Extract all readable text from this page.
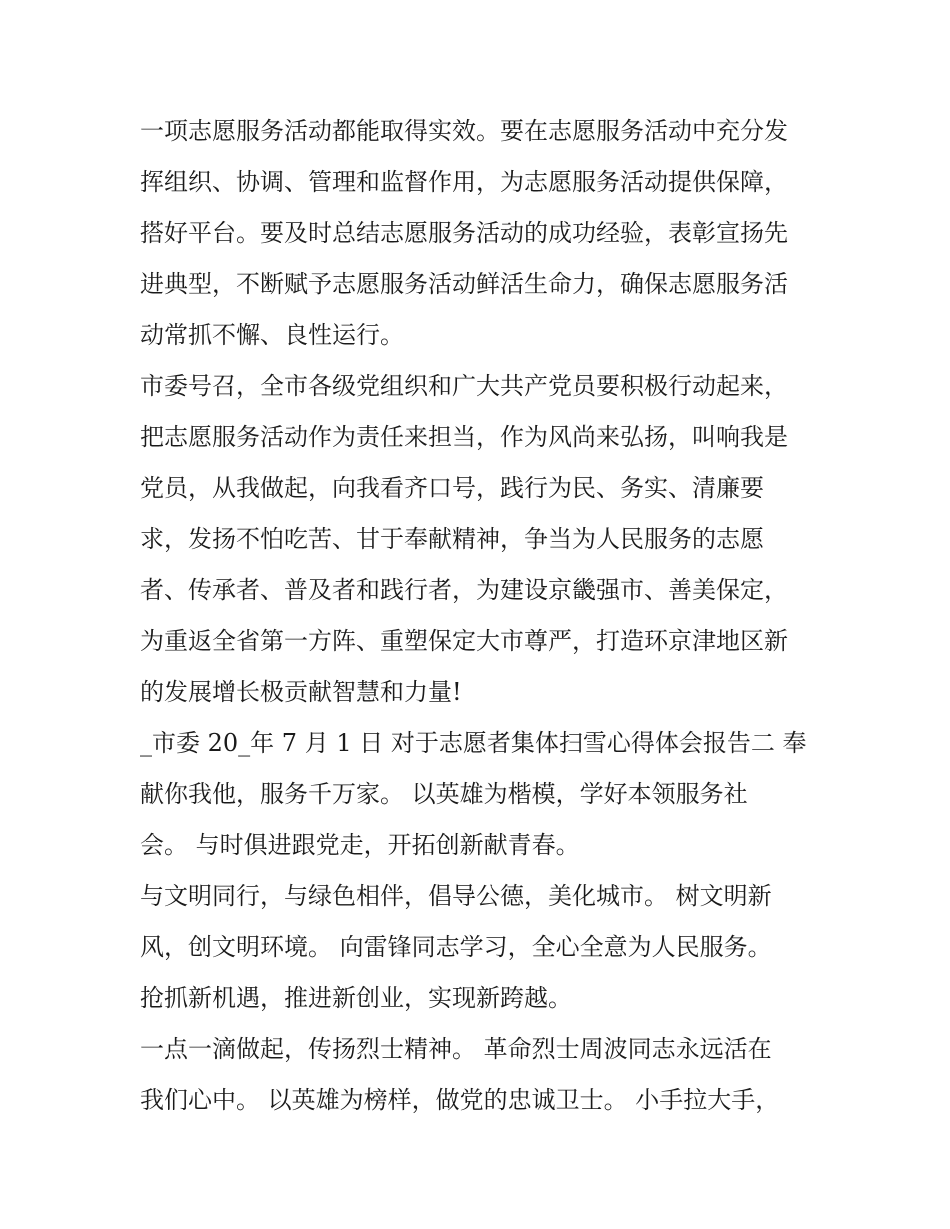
一项志愿服务活动都能取得实效。要在志愿服务活动中充分发
挥组织、协调、管理和监督作用，为志愿服务活动提供保障，
搭好平台。要及时总结志愿服务活动的成功经验，表彰宣扬先
进典型，不断赋予志愿服务活动鲜活生命力，确保志愿服务活
动常抓不懈、良性运行。
市委号召，全市各级党组织和广大共产党员要积极行动起来，
把志愿服务活动作为责任来担当，作为风尚来弘扬，叫响我是
党员，从我做起，向我看齐口号，践行为民、务实、清廉要
求，发扬不怕吃苦、甘于奉献精神，争当为人民服务的志愿
者、传承者、普及者和践行者，为建设京畿强市、善美保定，
为重返全省第一方阵、重塑保定大市尊严，打造环京津地区新
的发展增长极贡献智慧和力量!
_市委 20_年 7 月 1 日 对于志愿者集体扫雪心得体会报告二 奉
献你我他，服务千万家。 以英雄为楷模，学好本领服务社
会。 与时俱进跟党走，开拓创新献青春。
与文明同行，与绿色相伴，倡导公德，美化城市。 树文明新
风，创文明环境。 向雷锋同志学习，全心全意为人民服务。
抢抓新机遇，推进新创业，实现新跨越。
一点一滴做起，传扬烈士精神。 革命烈士周波同志永远活在
我们心中。 以英雄为榜样，做党的忠诚卫士。 小手拉大手，
